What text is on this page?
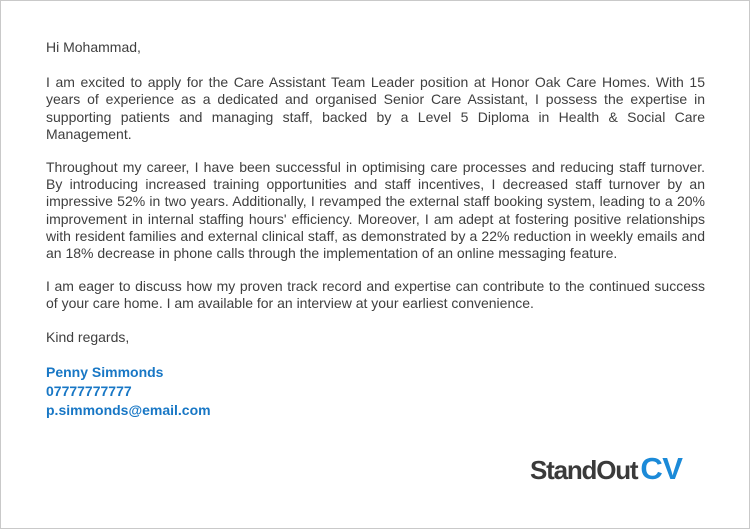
Hi Mohammad,

I am excited to apply for the Care Assistant Team Leader position at Honor Oak Care Homes. With 15 years of experience as a dedicated and organised Senior Care Assistant, I possess the expertise in supporting patients and managing staff, backed by a Level 5 Diploma in Health & Social Care Management.

Throughout my career, I have been successful in optimising care processes and reducing staff turnover. By introducing increased training opportunities and staff incentives, I decreased staff turnover by an impressive 52% in two years. Additionally, I revamped the external staff booking system, leading to a 20% improvement in internal staffing hours' efficiency. Moreover, I am adept at fostering positive relationships with resident families and external clinical staff, as demonstrated by a 22% reduction in weekly emails and an 18% decrease in phone calls through the implementation of an online messaging feature.

I am eager to discuss how my proven track record and expertise can contribute to the continued success of your care home. I am available for an interview at your earliest convenience.

Kind regards,

Penny Simmonds
07777777777
p.simmonds@email.com
StandOut CV
